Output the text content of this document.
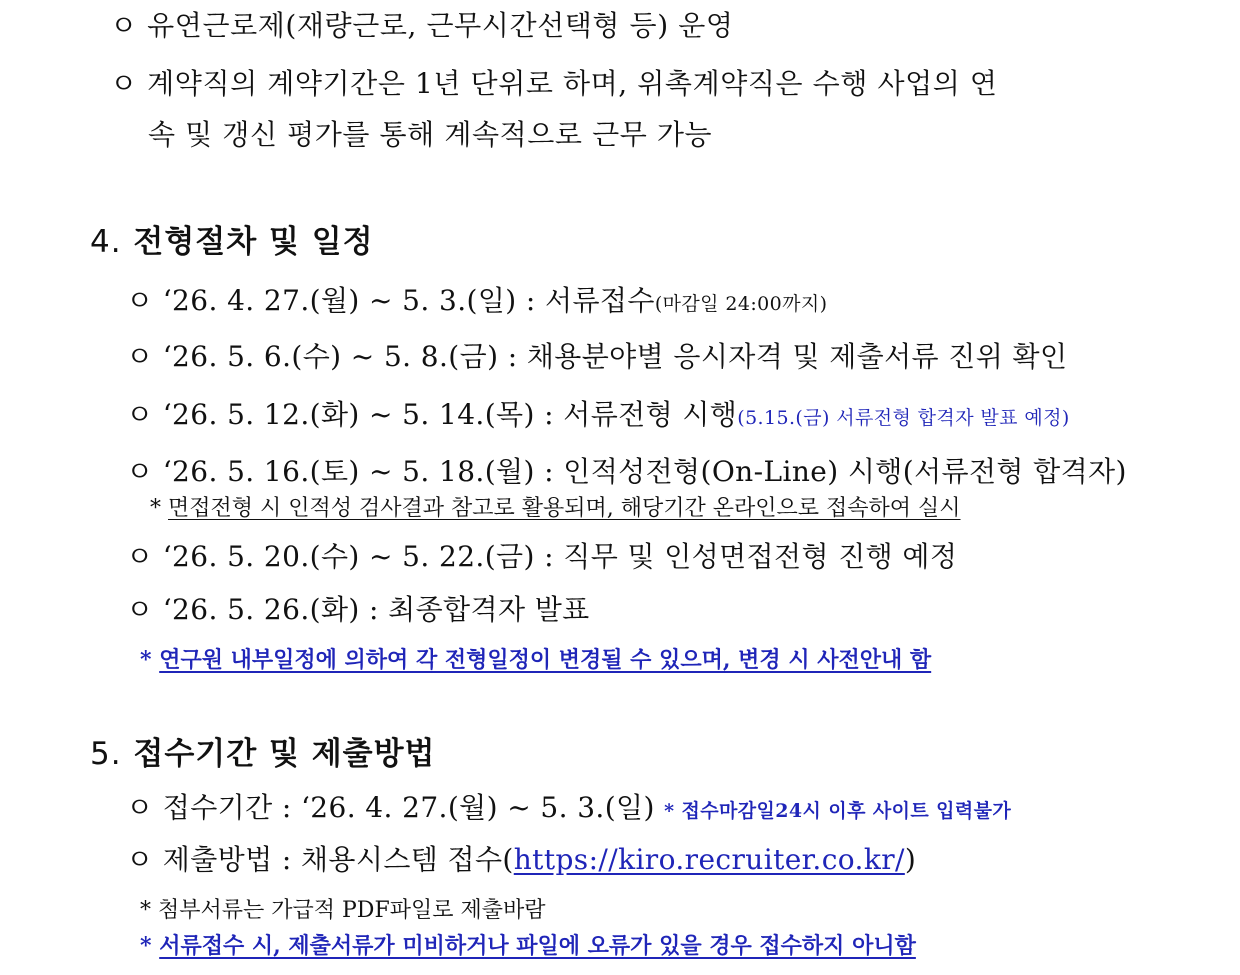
ㅇ 유연근로제(재량근로, 근무시간선택형 등) 운영
ㅇ 계약직의 계약기간은 1년 단위로 하며, 위촉계약직은 수행 사업의 연
속 및 갱신 평가를 통해 계속적으로 근무 가능
4. 전형절차 및 일정
ㅇ ‘26. 4. 27.(월) ~ 5. 3.(일) : 서류접수(마감일 24:00까지)
ㅇ ‘26. 5. 6.(수) ~ 5. 8.(금) : 채용분야별 응시자격 및 제출서류 진위 확인
ㅇ ‘26. 5. 12.(화) ~ 5. 14.(목) : 서류전형 시행(5.15.(금) 서류전형 합격자 발표 예정)
ㅇ ‘26. 5. 16.(토) ~ 5. 18.(월) : 인적성전형(On-Line) 시행(서류전형 합격자)
* 면접전형 시 인적성 검사결과 참고로 활용되며, 해당기간 온라인으로 접속하여 실시
ㅇ ‘26. 5. 20.(수) ~ 5. 22.(금) : 직무 및 인성면접전형 진행 예정
ㅇ ‘26. 5. 26.(화) : 최종합격자 발표
* 연구원 내부일정에 의하여 각 전형일정이 변경될 수 있으며, 변경 시 사전안내 함
5. 접수기간 및 제출방법
ㅇ 접수기간 : ‘26. 4. 27.(월) ~ 5. 3.(일) * 접수마감일24시 이후 사이트 입력불가
ㅇ 제출방법 : 채용시스템 접수(https://kiro.recruiter.co.kr/)
* 첨부서류는 가급적 PDF파일로 제출바람
* 서류접수 시, 제출서류가 미비하거나 파일에 오류가 있을 경우 접수하지 아니함
